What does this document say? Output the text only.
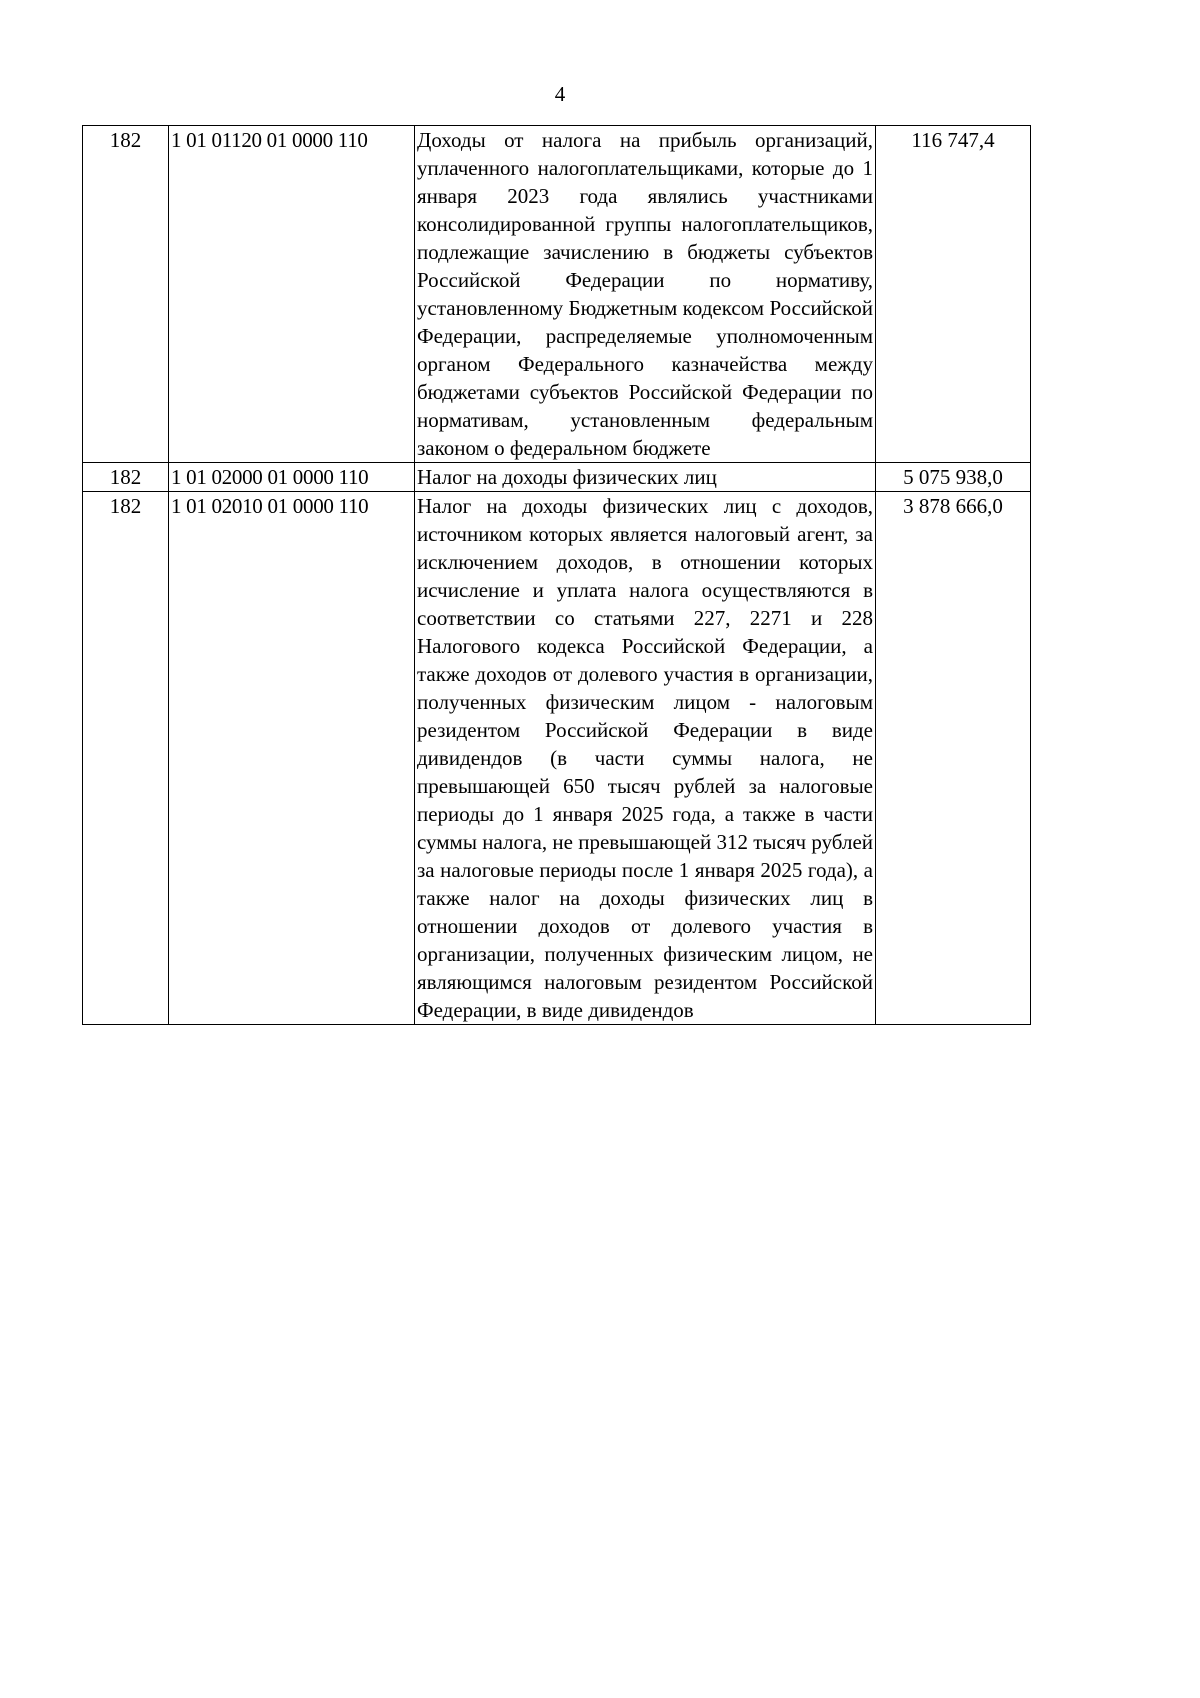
4
182	1 01 01120 01 0000 110	Доходы от налога на прибыль организаций, уплаченного налогоплательщиками, которые до 1 января 2023 года являлись участниками консолидированной группы налогоплательщиков, подлежащие зачислению в бюджеты субъектов Российской Федерации по нормативу, установленному Бюджетным кодексом Российской Федерации, распределяемые уполномоченным органом Федерального казначейства между бюджетами субъектов Российской Федерации по нормативам, установленным федеральным законом о федеральном бюджете	116 747,4
182	1 01 02000 01 0000 110	Налог на доходы физических лиц	5 075 938,0
182	1 01 02010 01 0000 110	Налог на доходы физических лиц с доходов, источником которых является налоговый агент, за исключением доходов, в отношении которых исчисление и уплата налога осуществляются в соответствии со статьями 227, 2271 и 228 Налогового кодекса Российской Федерации, а также доходов от долевого участия в организации, полученных физическим лицом - налоговым резидентом Российской Федерации в виде дивидендов (в части суммы налога, не превышающей 650 тысяч рублей за налоговые периоды до 1 января 2025 года, а также в части суммы налога, не превышающей 312 тысяч рублей за налоговые периоды после 1 января 2025 года), а также налог на доходы физических лиц в отношении доходов от долевого участия в организации, полученных физическим лицом, не являющимся налоговым резидентом Российской Федерации, в виде дивидендов	3 878 666,0
